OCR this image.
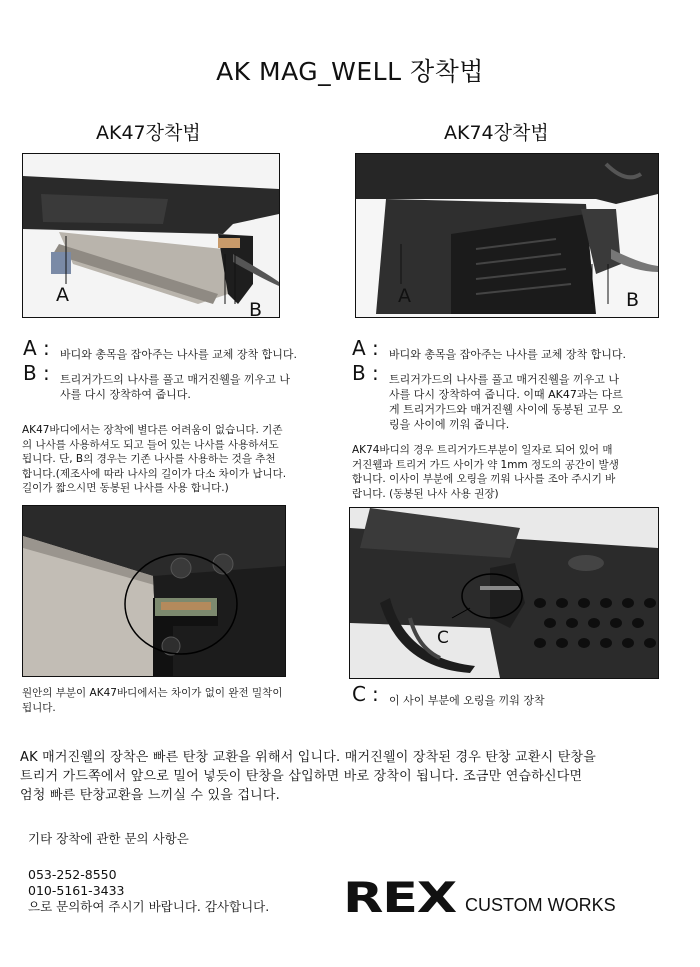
AK MAG_WELL 장착법
AK47장착법	AK74장착법
A
B
A	B
A : 바디와 총목을 잡아주는 나사를 교체 장착 합니다.
B : 트리거가드의 나사를 풀고 매거진웰을 끼우고 나
사를 다시 장착하여 줍니다.
A : 바디와 총목을 잡아주는 나사를 교체 장착 합니다.
B : 트리거가드의 나사를 풀고 매거진웰을 끼우고 나
사를 다시 장착하여 줍니다. 이때 AK47과는 다르
게 트리거가드와 매거진웰 사이에 동봉된 고무 오
링을 사이에 끼워 줍니다.
AK47바디에서는 장착에 별다른 어려움이 없습니다. 기존
의 나사를 사용하셔도 되고 들어 있는 나사를 사용하셔도
됩니다. 단, B의 경우는 기존 나사를 사용하는 것을 추천
합니다.(제조사에 따라 나사의 길이가 다소 차이가 납니다.
길이가 짧으시면 동봉된 나사를 사용 합니다.)
AK74바디의 경우 트리거가드부분이 일자로 되어 있어 매
거진웰과 트리거 가드 사이가 약 1mm 정도의 공간이 발생
합니다. 이사이 부분에 오링을 끼워 나사를 조아 주시기 바
랍니다. (동봉된 나사 사용 권장)
C
원안의 부분이 AK47바디에서는 차이가 없이 완전 밀착이
됩니다.
C : 이 사이 부분에 오링을 끼워 장착
AK 매거진웰의 장착은 빠른 탄창 교환을 위해서 입니다. 매거진웰이 장착된 경우 탄창 교환시 탄창을
트리거 가드쪽에서 앞으로 밀어 넣듯이 탄창을 삽입하면 바로 장착이 됩니다. 조금만 연습하신다면
엄청 빠른 탄창교환을 느끼실 수 있을 겁니다.
기타 장착에 관한 문의 사항은
053-252-8550
010-5161-3433
으로 문의하여 주시기 바랍니다. 감사합니다. REX CUSTOM WORKS
